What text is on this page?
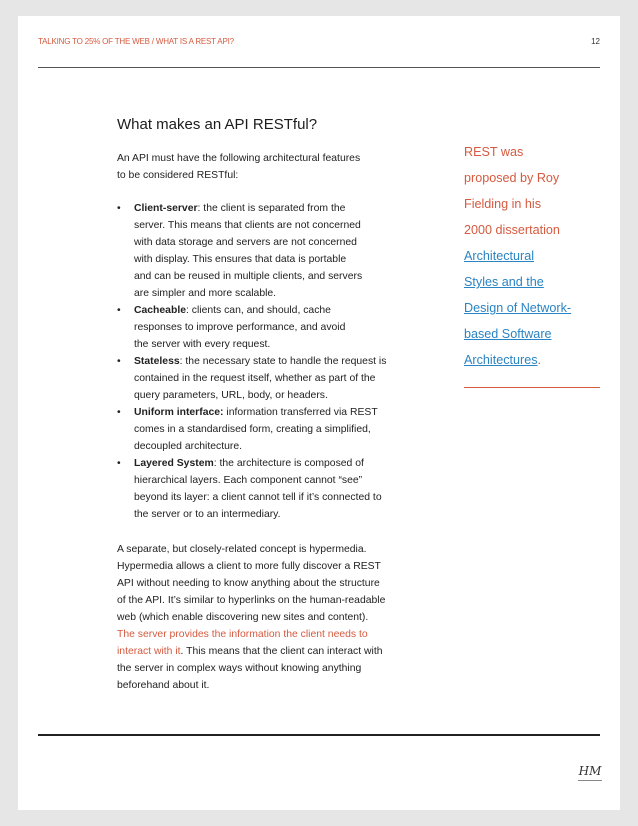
TALKING TO 25% OF THE WEB / WHAT IS A REST API?	12
What makes an API RESTful?

An API must have the following architectural features
to be considered RESTful:

• Client-server: the client is separated from the
server. This means that clients are not concerned
with data storage and servers are not concerned
with display. This ensures that data is portable
and can be reused in multiple clients, and servers
are simpler and more scalable.
• Cacheable: clients can, and should, cache
responses to improve performance, and avoid
the server with every request.
• Stateless: the necessary state to handle the request is
contained in the request itself, whether as part of the
query parameters, URL, body, or headers.
• Uniform interface: information transferred via REST
comes in a standardised form, creating a simplified,
decoupled architecture.
• Layered System: the architecture is composed of
hierarchical layers. Each component cannot “see”
beyond its layer: a client cannot tell if it’s connected to
the server or to an intermediary.

A separate, but closely-related concept is hypermedia.
Hypermedia allows a client to more fully discover a REST
API without needing to know anything about the structure
of the API. It’s similar to hyperlinks on the human-readable
web (which enable discovering new sites and content).
The server provides the information the client needs to
interact with it. This means that the client can interact with
the server in complex ways without knowing anything
beforehand about it.

REST was
proposed by Roy
Fielding in his
2000 dissertation
Architectural
Styles and the
Design of Network-
based Software
Architectures.

HM
